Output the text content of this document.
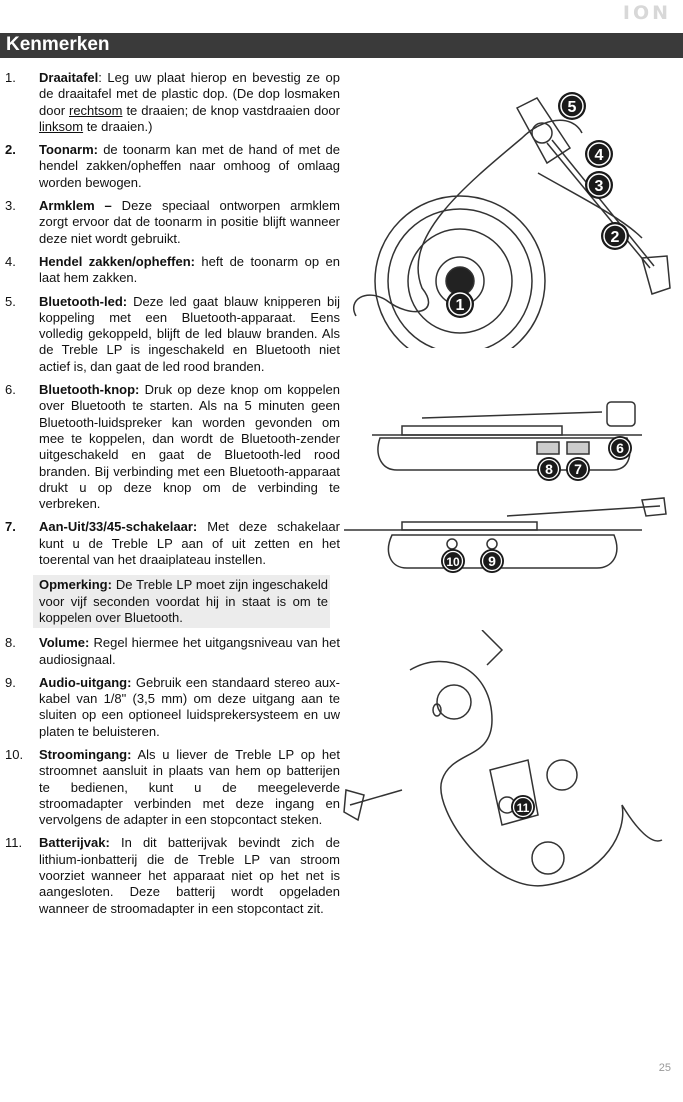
ION
Kenmerken
1. Draaitafel: Leg uw plaat hierop en bevestig ze op de draaitafel met de plastic dop. (De dop losmaken door rechtsom te draaien; de knop vastdraaien door linksom te draaien.)
2. Toonarm: de toonarm kan met de hand of met de hendel zakken/opheffen naar omhoog of omlaag worden bewogen.
3. Armklem – Deze speciaal ontworpen armklem zorgt ervoor dat de toonarm in positie blijft wanneer deze niet wordt gebruikt.
4. Hendel zakken/opheffen: heft de toonarm op en laat hem zakken.
5. Bluetooth-led: Deze led gaat blauw knipperen bij koppeling met een Bluetooth-apparaat. Eens volledig gekoppeld, blijft de led blauw branden. Als de Treble LP is ingeschakeld en Bluetooth niet actief is, dan gaat de led rood branden.
6. Bluetooth-knop: Druk op deze knop om koppelen over Bluetooth te starten. Als na 5 minuten geen Bluetooth-luidspreker kan worden gevonden om mee te koppelen, dan wordt de Bluetooth-zender uitgeschakeld en gaat de Bluetooth-led rood branden. Bij verbinding met een Bluetooth-apparaat drukt u op deze knop om de verbinding te verbreken.
7. Aan-Uit/33/45-schakelaar: Met deze schakelaar kunt u de Treble LP aan of uit zetten en het toerental van het draaiplateau instellen.
Opmerking: De Treble LP moet zijn ingeschakeld voor vijf seconden voordat hij in staat is om te koppelen over Bluetooth.
8. Volume: Regel hiermee het uitgangsniveau van het audiosignaal.
9. Audio-uitgang: Gebruik een standaard stereo aux-kabel van 1/8" (3,5 mm) om deze uitgang aan te sluiten op een optioneel luidsprekersysteem en uw platen te beluisteren.
10. Stroomingang: Als u liever de Treble LP op het stroomnet aansluit in plaats van hem op batterijen te bedienen, kunt u de meegeleverde stroomadapter verbinden met deze ingang en vervolgens de adapter in een stopcontact steken.
11. Batterijvak: In dit batterijvak bevindt zich de lithium-ionbatterij die de Treble LP van stroom voorziet wanneer het apparaat niet op het net is aangesloten. Deze batterij wordt opgeladen wanneer de stroomadapter in een stopcontact zit.
1
2
3
4
5
6
8 7
10 9
11
25
